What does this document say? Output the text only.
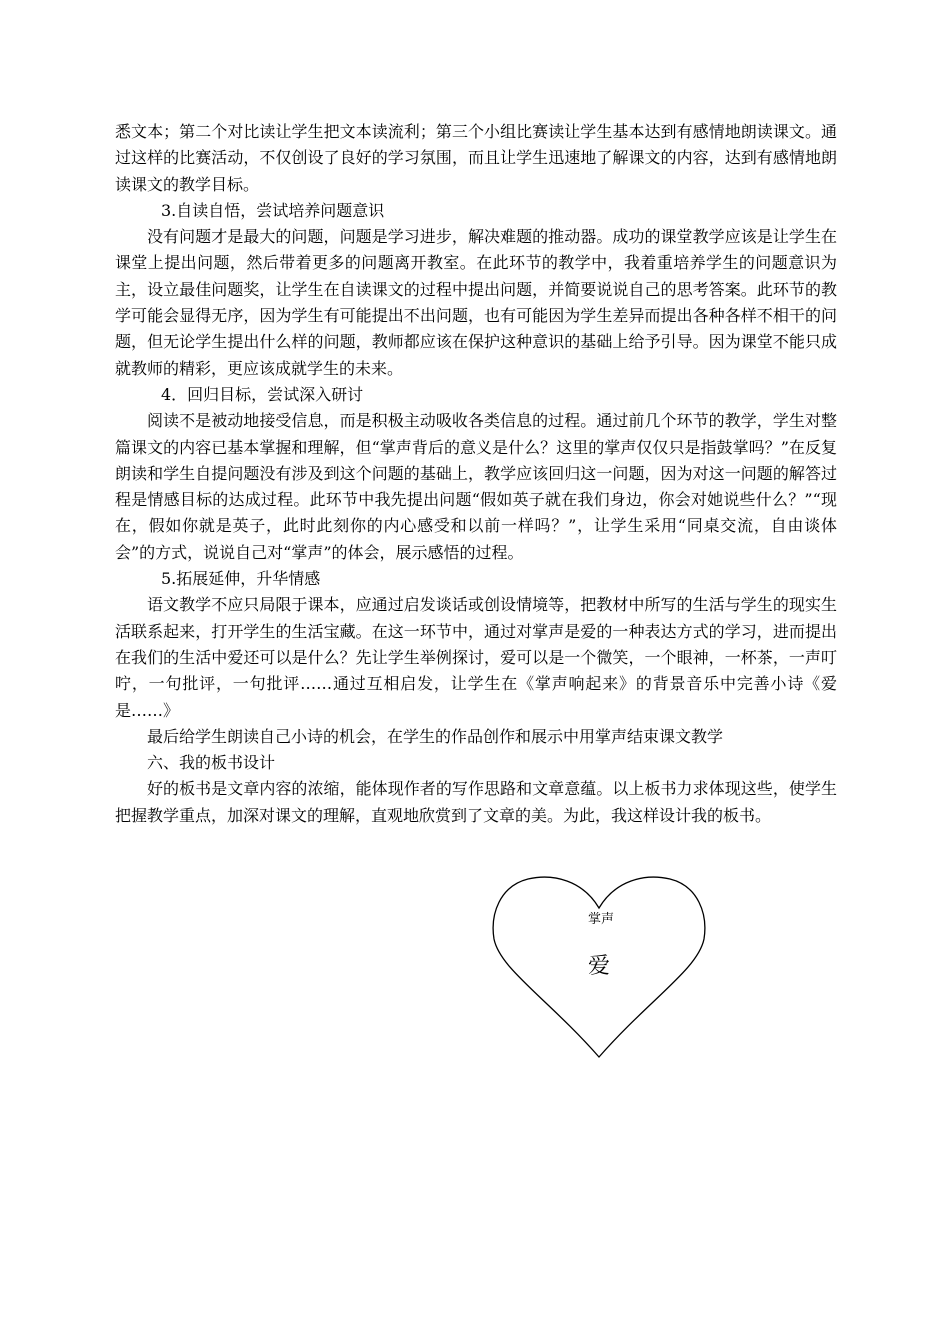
悉文本；第二个对比读让学生把文本读流利；第三个小组比赛读让学生基本达到有感情地朗读课文。通过这样的比赛活动，不仅创设了良好的学习氛围，而且让学生迅速地了解课文的内容，达到有感情地朗读课文的教学目标。

3.自读自悟，尝试培养问题意识

没有问题才是最大的问题，问题是学习进步，解决难题的推动器。成功的课堂教学应该是让学生在课堂上提出问题，然后带着更多的问题离开教室。在此环节的教学中，我着重培养学生的问题意识为主，设立最佳问题奖，让学生在自读课文的过程中提出问题，并简要说说自己的思考答案。此环节的教学可能会显得无序，因为学生有可能提出不出问题，也有可能因为学生差异而提出各种各样不相干的问题，但无论学生提出什么样的问题，教师都应该在保护这种意识的基础上给予引导。因为课堂不能只成就教师的精彩，更应该成就学生的未来。

4．回归目标，尝试深入研讨

阅读不是被动地接受信息，而是积极主动吸收各类信息的过程。通过前几个环节的教学，学生对整篇课文的内容已基本掌握和理解，但“掌声背后的意义是什么？这里的掌声仅仅只是指鼓掌吗？”在反复朗读和学生自提问题没有涉及到这个问题的基础上，教学应该回归这一问题，因为对这一问题的解答过程是情感目标的达成过程。此环节中我先提出问题“假如英子就在我们身边，你会对她说些什么？”“现在，假如你就是英子，此时此刻你的内心感受和以前一样吗？”，让学生采用“同桌交流，自由谈体会”的方式，说说自己对“掌声”的体会，展示感悟的过程。

5.拓展延伸，升华情感

语文教学不应只局限于课本，应通过启发谈话或创设情境等，把教材中所写的生活与学生的现实生活联系起来，打开学生的生活宝藏。在这一环节中，通过对掌声是爱的一种表达方式的学习，进而提出在我们的生活中爱还可以是什么？先让学生举例探讨，爱可以是一个微笑，一个眼神，一杯茶，一声叮咛，一句批评，一句批评……通过互相启发，让学生在《掌声响起来》的背景音乐中完善小诗《爱是……》

最后给学生朗读自己小诗的机会，在学生的作品创作和展示中用掌声结束课文教学

六、我的板书设计

好的板书是文章内容的浓缩，能体现作者的写作思路和文章意蕴。以上板书力求体现这些，使学生把握教学重点，加深对课文的理解，直观地欣赏到了文章的美。为此，我这样设计我的板书。

掌声
爱
